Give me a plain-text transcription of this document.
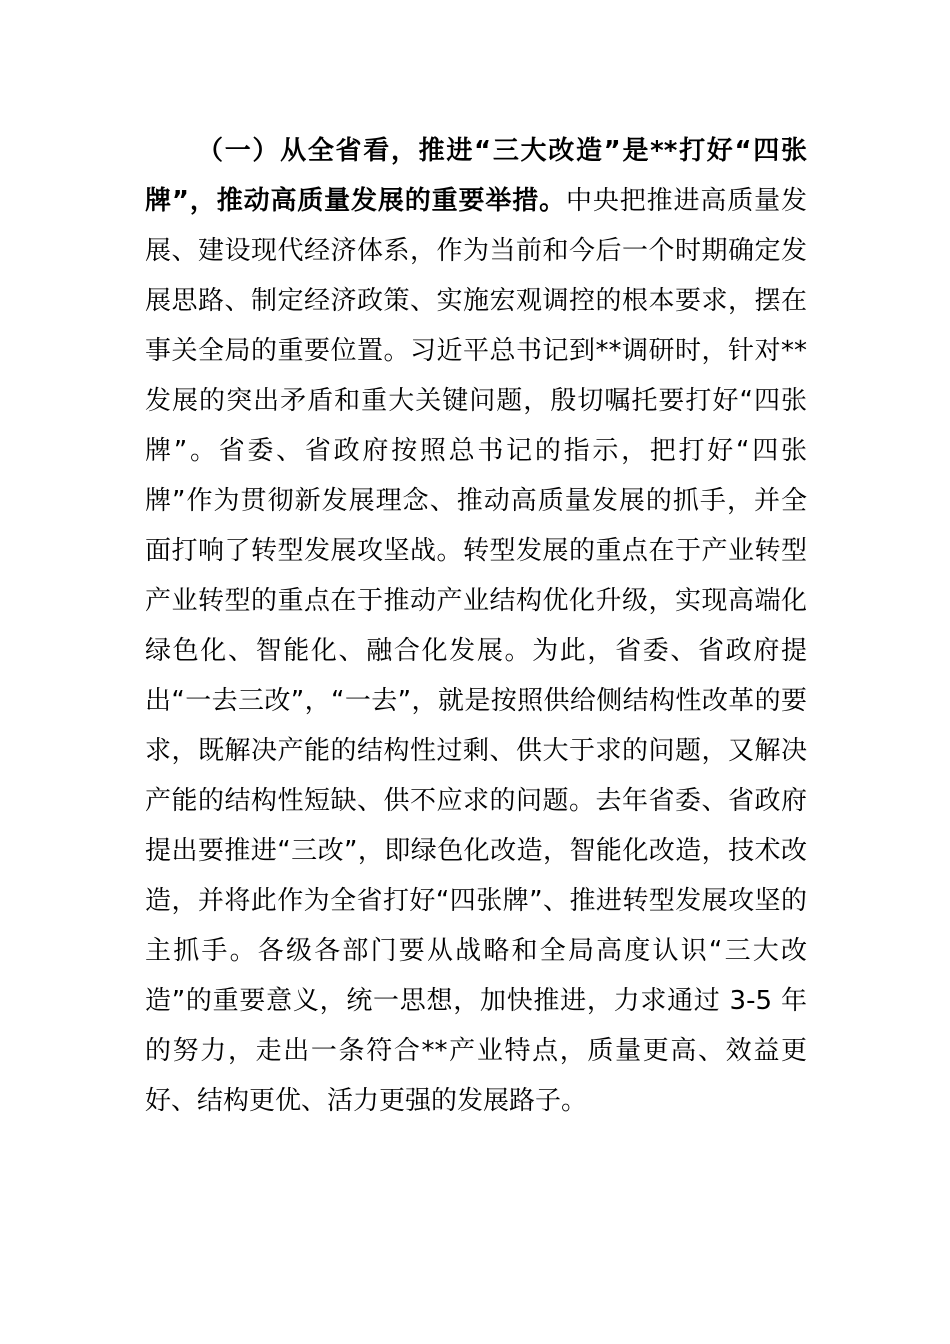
（一）从全省看，推进“三大改造”是**打好“四张牌”，推动高质量发展的重要举措。中央把推进高质量发展、建设现代经济体系，作为当前和今后一个时期确定发展思路、制定经济政策、实施宏观调控的根本要求，摆在事关全局的重要位置。习近平总书记到**调研时，针对**发展的突出矛盾和重大关键问题，殷切嘱托要打好“四张牌”。省委、省政府按照总书记的指示，把打好“四张牌”作为贯彻新发展理念、推动高质量发展的抓手，并全面打响了转型发展攻坚战。转型发展的重点在于产业转型产业转型的重点在于推动产业结构优化升级，实现高端化绿色化、智能化、融合化发展。为此，省委、省政府提出“一去三改”，“一去”，就是按照供给侧结构性改革的要求，既解决产能的结构性过剩、供大于求的问题，又解决产能的结构性短缺、供不应求的问题。去年省委、省政府提出要推进“三改”，即绿色化改造，智能化改造，技术改造，并将此作为全省打好“四张牌”、推进转型发展攻坚的主抓手。各级各部门要从战略和全局高度认识“三大改造”的重要意义，统一思想，加快推进，力求通过 3-5 年的努力，走出一条符合**产业特点，质量更高、效益更好、结构更优、活力更强的发展路子。
